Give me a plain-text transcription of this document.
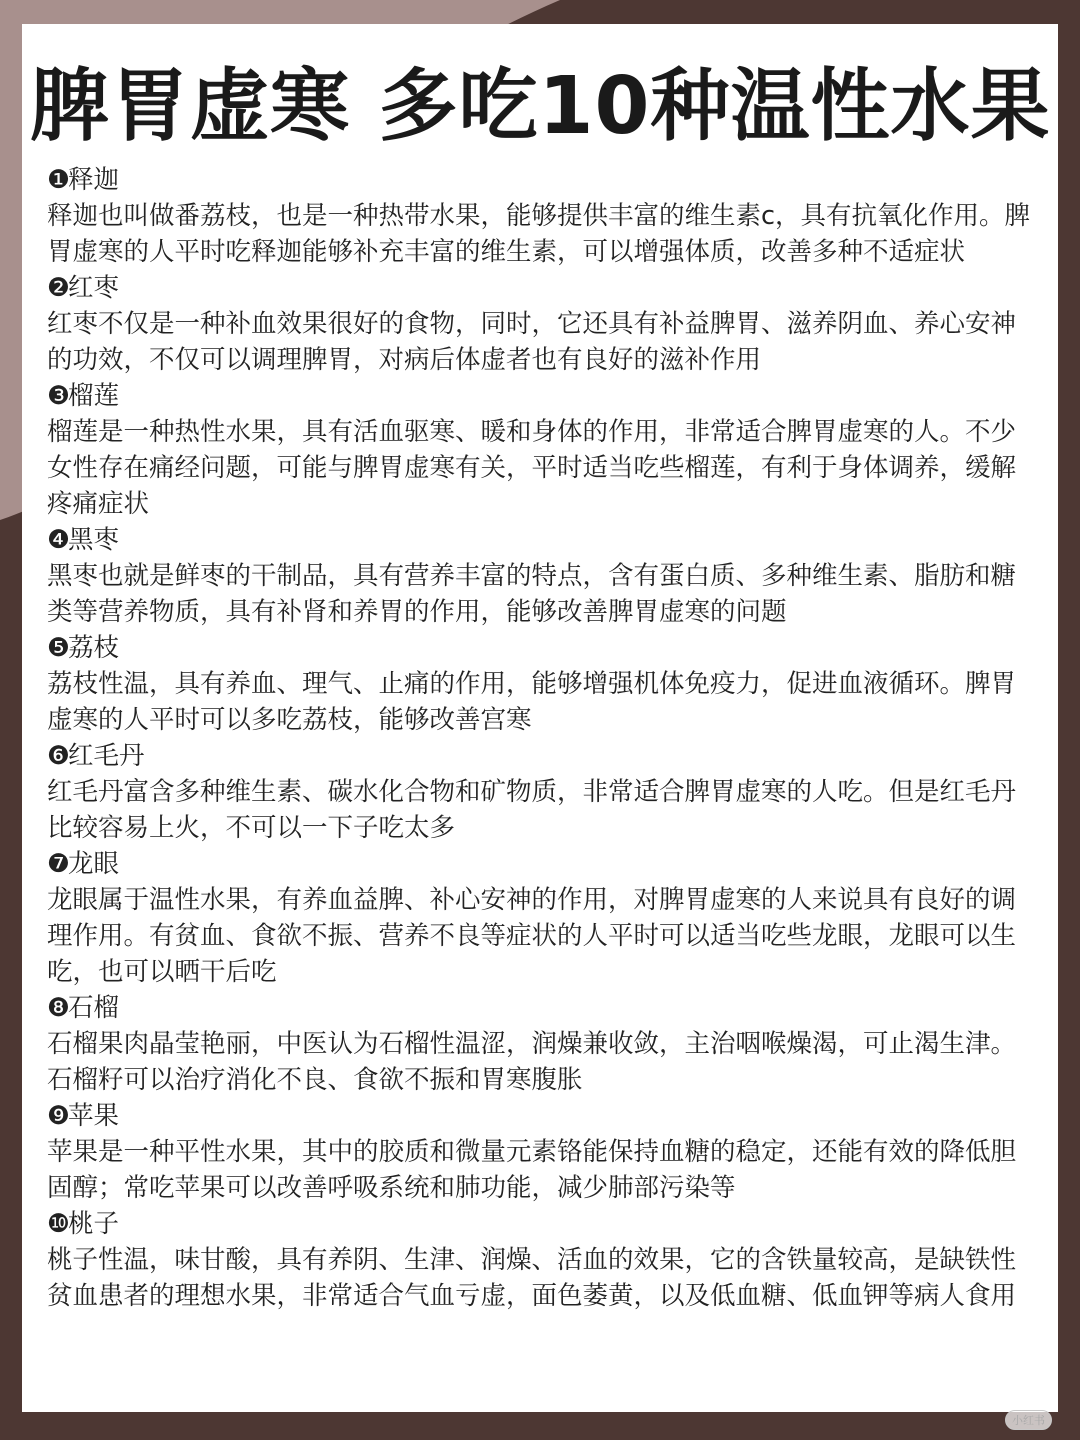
脾胃虚寒 多吃10种温性水果
❶释迦
释迦也叫做番荔枝，也是一种热带水果，能够提供丰富的维生素c，具有抗氧化作用。脾胃虚寒的人平时吃释迦能够补充丰富的维生素，可以增强体质，改善多种不适症状
❷红枣
红枣不仅是一种补血效果很好的食物，同时，它还具有补益脾胃、滋养阴血、养心安神的功效，不仅可以调理脾胃，对病后体虚者也有良好的滋补作用
❸榴莲
榴莲是一种热性水果，具有活血驱寒、暖和身体的作用，非常适合脾胃虚寒的人。不少女性存在痛经问题，可能与脾胃虚寒有关，平时适当吃些榴莲，有利于身体调养，缓解疼痛症状
❹黑枣
黑枣也就是鲜枣的干制品，具有营养丰富的特点，含有蛋白质、多种维生素、脂肪和糖类等营养物质，具有补肾和养胃的作用，能够改善脾胃虚寒的问题
❺荔枝
荔枝性温，具有养血、理气、止痛的作用，能够增强机体免疫力，促进血液循环。脾胃虚寒的人平时可以多吃荔枝，能够改善宫寒
❻红毛丹
红毛丹富含多种维生素、碳水化合物和矿物质，非常适合脾胃虚寒的人吃。但是红毛丹比较容易上火，不可以一下子吃太多
❼龙眼
龙眼属于温性水果，有养血益脾、补心安神的作用，对脾胃虚寒的人来说具有良好的调理作用。有贫血、食欲不振、营养不良等症状的人平时可以适当吃些龙眼，龙眼可以生吃，也可以晒干后吃
❽石榴
石榴果肉晶莹艳丽，中医认为石榴性温涩，润燥兼收敛，主治咽喉燥渴，可止渴生津。石榴籽可以治疗消化不良、食欲不振和胃寒腹胀
❾苹果
苹果是一种平性水果，其中的胶质和微量元素铬能保持血糖的稳定，还能有效的降低胆固醇；常吃苹果可以改善呼吸系统和肺功能，减少肺部污染等
❿桃子
桃子性温，味甘酸，具有养阴、生津、润燥、活血的效果，它的含铁量较高，是缺铁性贫血患者的理想水果，非常适合气血亏虚，面色萎黄，以及低血糖、低血钾等病人食用
小红书
